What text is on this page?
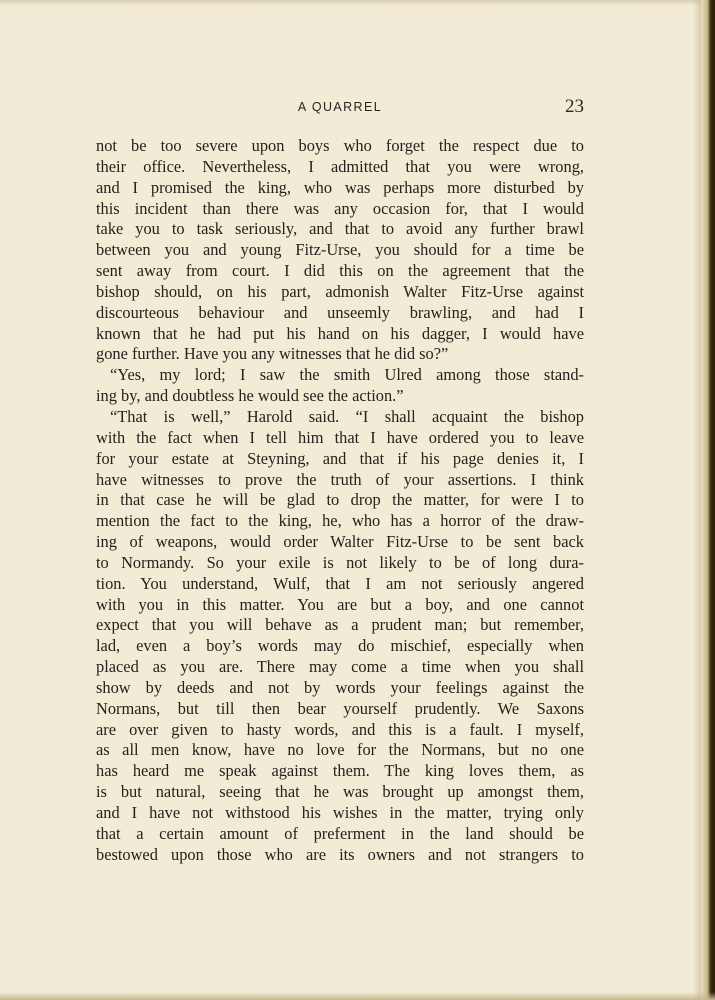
A QUARREL	23
not be too severe upon boys who forget the respect due to
their office. Nevertheless, I admitted that you were wrong,
and I promised the king, who was perhaps more disturbed by
this incident than there was any occasion for, that I would
take you to task seriously, and that to avoid any further brawl
between you and young Fitz-Urse, you should for a time be
sent away from court. I did this on the agreement that the
bishop should, on his part, admonish Walter Fitz-Urse against
discourteous behaviour and unseemly brawling, and had I
known that he had put his hand on his dagger, I would have
gone further. Have you any witnesses that he did so?”
“Yes, my lord; I saw the smith Ulred among those stand-
ing by, and doubtless he would see the action.”
“That is well,” Harold said. “I shall acquaint the bishop
with the fact when I tell him that I have ordered you to leave
for your estate at Steyning, and that if his page denies it, I
have witnesses to prove the truth of your assertions. I think
in that case he will be glad to drop the matter, for were I to
mention the fact to the king, he, who has a horror of the draw-
ing of weapons, would order Walter Fitz-Urse to be sent back
to Normandy. So your exile is not likely to be of long dura-
tion. You understand, Wulf, that I am not seriously angered
with you in this matter. You are but a boy, and one cannot
expect that you will behave as a prudent man; but remember,
lad, even a boy’s words may do mischief, especially when
placed as you are. There may come a time when you shall
show by deeds and not by words your feelings against the
Normans, but till then bear yourself prudently. We Saxons
are over given to hasty words, and this is a fault. I myself,
as all men know, have no love for the Normans, but no one
has heard me speak against them. The king loves them, as
is but natural, seeing that he was brought up amongst them,
and I have not withstood his wishes in the matter, trying only
that a certain amount of preferment in the land should be
bestowed upon those who are its owners and not strangers to
